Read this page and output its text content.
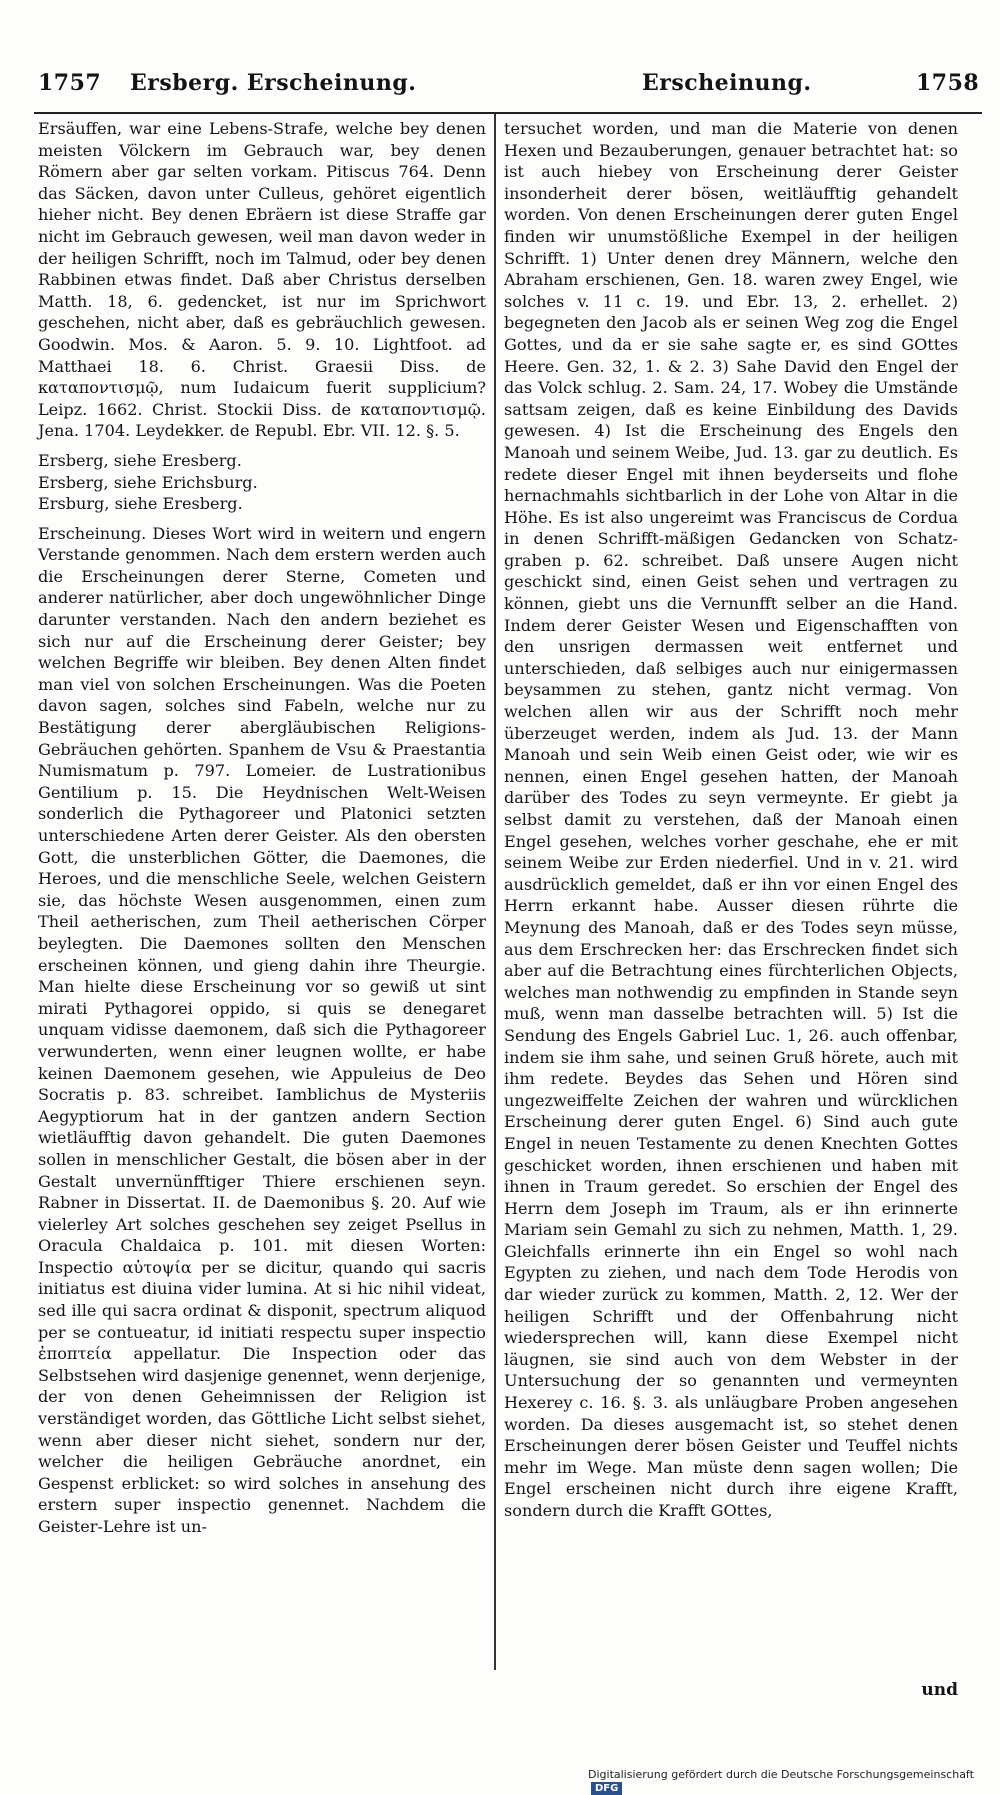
1757 Ersberg. Erscheinung.	Erscheinung.	1758

Ersäuffen, war eine Lebens-Strafe, welche bey denen meisten Völckern im Gebrauch war, bey denen Römern aber gar selten vorkam. Pitiscus 764. Denn das Säcken, davon unter Culleus, gehöret eigentlich hieher nicht. Bey denen Ebräern ist diese Straffe gar nicht im Gebrauch gewesen, weil man davon weder in der heiligen Schrifft, noch im Talmud, oder bey denen Rabbinen etwas findet. Daß aber Christus derselben Matth. 18, 6. gedencket, ist nur im Sprichwort geschehen, nicht aber, daß es gebräuchlich gewesen. Goodwin. Mos. & Aaron. 5. 9. 10. Lightfoot. ad Matthaei 18. 6. Christ. Graesii Diss. de καταποντισμῷ, num Iudaicum fuerit supplicium? Leipz. 1662. Christ. Stockii Diss. de καταποντισμῷ. Jena. 1704. Leydekker. de Republ. Ebr. VII. 12. §. 5.

Ersberg, siehe Eresberg.

Ersberg, siehe Erichsburg.

Ersburg, siehe Eresberg.

Erscheinung. Dieses Wort wird in weitern und engern Verstande genommen. Nach dem erstern werden auch die Erscheinungen derer Sterne, Cometen und anderer natürlicher, aber doch ungewöhnlicher Dinge darunter verstanden. Nach den andern beziehet es sich nur auf die Erscheinung derer Geister; bey welchen Begriffe wir bleiben. Bey denen Alten findet man viel von solchen Erscheinungen. Was die Poeten davon sagen, solches sind Fabeln, welche nur zu Bestätigung derer abergläubischen Religions-Gebräuchen gehörten. Spanhem de Vsu & Praestantia Numismatum p. 797. Lomeier. de Lustrationibus Gentilium p. 15. Die Heydnischen Welt-Weisen sonderlich die Pythagoreer und Platonici setzten unterschiedene Arten derer Geister. Als den obersten Gott, die unsterblichen Götter, die Daemones, die Heroes, und die menschliche Seele, welchen Geistern sie, das höchste Wesen ausgenommen, einen zum Theil aetherischen, zum Theil aetherischen Cörper beylegten. Die Daemones sollten den Menschen erscheinen können, und gieng dahin ihre Theurgie. Man hielte diese Erscheinung vor so gewiß ut sint mirati Pythagorei oppido, si quis se denegaret unquam vidisse daemonem, daß sich die Pythagoreer verwunderten, wenn einer leugnen wollte, er habe keinen Daemonem gesehen, wie Appuleius de Deo Socratis p. 83. schreibet. Iamblichus de Mysteriis Aegyptiorum hat in der gantzen andern Section wietläufftig davon gehandelt. Die guten Daemones sollen in menschlicher Gestalt, die bösen aber in der Gestalt unvernünfftiger Thiere erschienen seyn. Rabner in Dissertat. II. de Daemonibus §. 20. Auf wie vielerley Art solches geschehen sey zeiget Psellus in Oracula Chaldaica p. 101. mit diesen Worten: Inspectio αὐτοψία per se dicitur, quando qui sacris initiatus est diuina vider lumina. At si hic nihil videat, sed ille qui sacra ordinat & disponit, spectrum aliquod per se contueatur, id initiati respectu super inspectio ἐποπτεία appellatur. Die Inspection oder das Selbstsehen wird dasjenige genennet, wenn derjenige, der von denen Geheimnissen der Religion ist verständiget worden, das Göttliche Licht selbst siehet, wenn aber dieser nicht siehet, sondern nur der, welcher die heiligen Gebräuche anordnet, ein Gespenst erblicket: so wird solches in ansehung des erstern super inspectio genennet. Nachdem die Geister-Lehre ist un-

tersuchet worden, und man die Materie von denen Hexen und Bezauberungen, genauer betrachtet hat: so ist auch hiebey von Erscheinung derer Geister insonderheit derer bösen, weitläufftig gehandelt worden. Von denen Erscheinungen derer guten Engel finden wir unumstößliche Exempel in der heiligen Schrifft. 1) Unter denen drey Männern, welche den Abraham erschienen, Gen. 18. waren zwey Engel, wie solches v. 11 c. 19. und Ebr. 13, 2. erhellet. 2) begegneten den Jacob als er seinen Weg zog die Engel Gottes, und da er sie sahe sagte er, es sind GOttes Heere. Gen. 32, 1. & 2. 3) Sahe David den Engel der das Volck schlug. 2. Sam. 24, 17. Wobey die Umstände sattsam zeigen, daß es keine Einbildung des Davids gewesen. 4) Ist die Erscheinung des Engels den Manoah und seinem Weibe, Jud. 13. gar zu deutlich. Es redete dieser Engel mit ihnen beyderseits und flohe hernachmahls sichtbarlich in der Lohe von Altar in die Höhe. Es ist also ungereimt was Franciscus de Cordua in denen Schrifft-mäßigen Gedancken von Schatz-graben p. 62. schreibet. Daß unsere Augen nicht geschickt sind, einen Geist sehen und vertragen zu können, giebt uns die Vernunfft selber an die Hand. Indem derer Geister Wesen und Eigenschafften von den unsrigen dermassen weit entfernet und unterschieden, daß selbiges auch nur einigermassen beysammen zu stehen, gantz nicht vermag. Von welchen allen wir aus der Schrifft noch mehr überzeuget werden, indem als Jud. 13. der Mann Manoah und sein Weib einen Geist oder, wie wir es nennen, einen Engel gesehen hatten, der Manoah darüber des Todes zu seyn vermeynte. Er giebt ja selbst damit zu verstehen, daß der Manoah einen Engel gesehen, welches vorher geschahe, ehe er mit seinem Weibe zur Erden niederfiel. Und in v. 21. wird ausdrücklich gemeldet, daß er ihn vor einen Engel des Herrn erkannt habe. Ausser diesen rührte die Meynung des Manoah, daß er des Todes seyn müsse, aus dem Erschrecken her: das Erschrecken findet sich aber auf die Betrachtung eines fürchterlichen Objects, welches man nothwendig zu empfinden in Stande seyn muß, wenn man dasselbe betrachten will. 5) Ist die Sendung des Engels Gabriel Luc. 1, 26. auch offenbar, indem sie ihm sahe, und seinen Gruß hörete, auch mit ihm redete. Beydes das Sehen und Hören sind ungezweiffelte Zeichen der wahren und würcklichen Erscheinung derer guten Engel. 6) Sind auch gute Engel in neuen Testamente zu denen Knechten Gottes geschicket worden, ihnen erschienen und haben mit ihnen in Traum geredet. So erschien der Engel des Herrn dem Joseph im Traum, als er ihn erinnerte Mariam sein Gemahl zu sich zu nehmen, Matth. 1, 29. Gleichfalls erinnerte ihn ein Engel so wohl nach Egypten zu ziehen, und nach dem Tode Herodis von dar wieder zurück zu kommen, Matth. 2, 12. Wer der heiligen Schrifft und der Offenbahrung nicht wiedersprechen will, kann diese Exempel nicht läugnen, sie sind auch von dem Webster in der Untersuchung der so genannten und vermeynten Hexerey c. 16. §. 3. als unläugbare Proben angesehen worden. Da dieses ausgemacht ist, so stehet denen Erscheinungen derer bösen Geister und Teuffel nichts mehr im Wege. Man müste denn sagen wollen; Die Engel erscheinen nicht durch ihre eigene Krafft, sondern durch die Krafft GOttes,

und
Digitalisierung gefördert durch die Deutsche Forschungsgemeinschaft DFG
